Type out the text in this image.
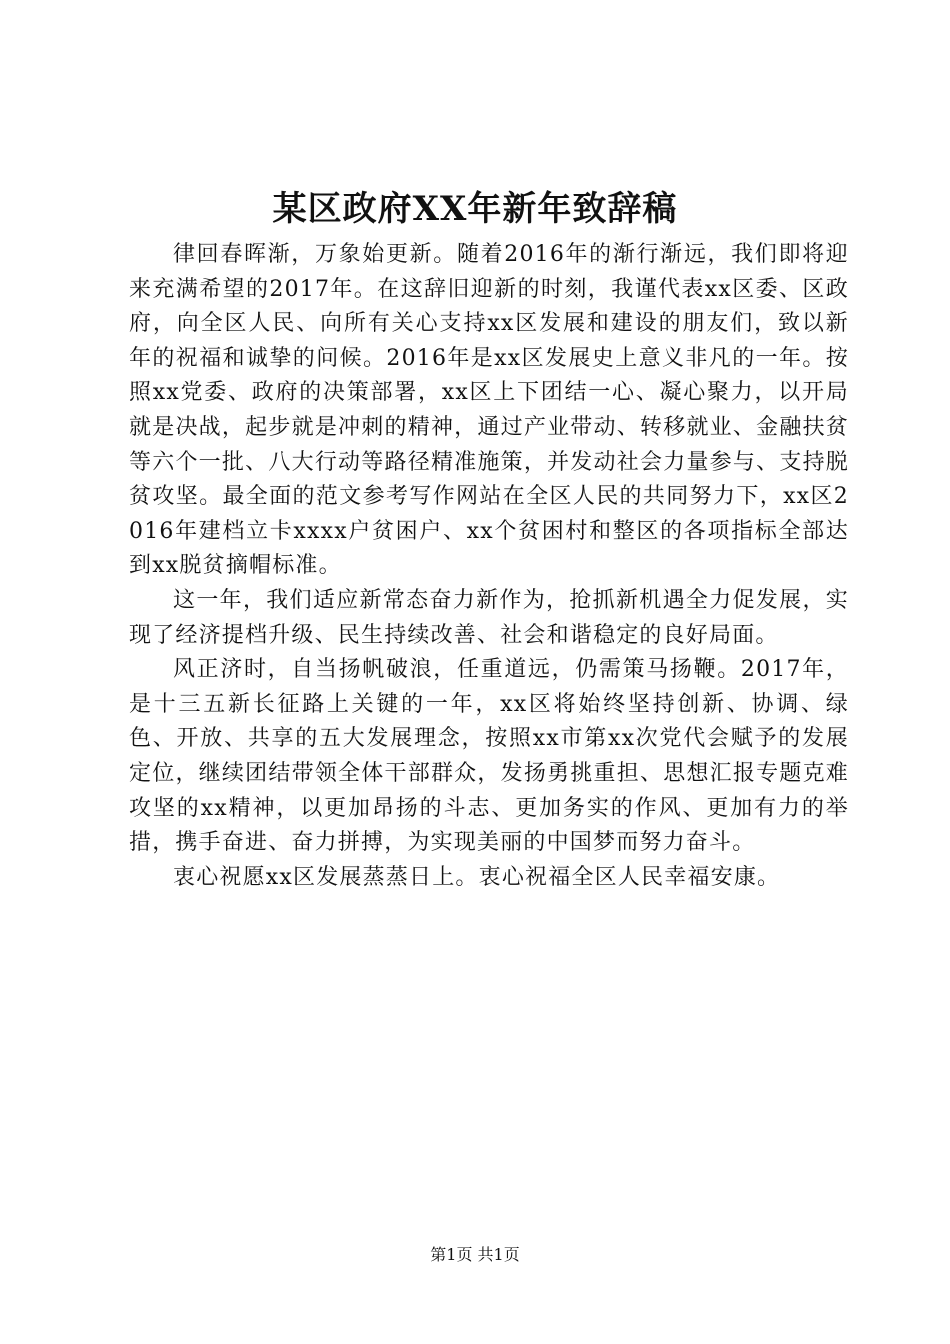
某区政府XX年新年致辞稿

律回春晖渐，万象始更新。随着2016年的渐行渐远，我们即将迎来充满希望的2017年。在这辞旧迎新的时刻，我谨代表xx区委、区政府，向全区人民、向所有关心支持xx区发展和建设的朋友们，致以新年的祝福和诚挚的问候。2016年是xx区发展史上意义非凡的一年。按照xx党委、政府的决策部署，xx区上下团结一心、凝心聚力，以开局就是决战，起步就是冲刺的精神，通过产业带动、转移就业、金融扶贫等六个一批、八大行动等路径精准施策，并发动社会力量参与、支持脱贫攻坚。最全面的范文参考写作网站在全区人民的共同努力下，xx区2016年建档立卡xxxx户贫困户、xx个贫困村和整区的各项指标全部达到xx脱贫摘帽标准。

这一年，我们适应新常态奋力新作为，抢抓新机遇全力促发展，实现了经济提档升级、民生持续改善、社会和谐稳定的良好局面。

风正济时，自当扬帆破浪，任重道远，仍需策马扬鞭。2017年，是十三五新长征路上关键的一年，xx区将始终坚持创新、协调、绿色、开放、共享的五大发展理念，按照xx市第xx次党代会赋予的发展定位，继续团结带领全体干部群众，发扬勇挑重担、思想汇报专题克难攻坚的xx精神，以更加昂扬的斗志、更加务实的作风、更加有力的举措，携手奋进、奋力拼搏，为实现美丽的中国梦而努力奋斗。

衷心祝愿xx区发展蒸蒸日上。衷心祝福全区人民幸福安康。

第1页 共1页
